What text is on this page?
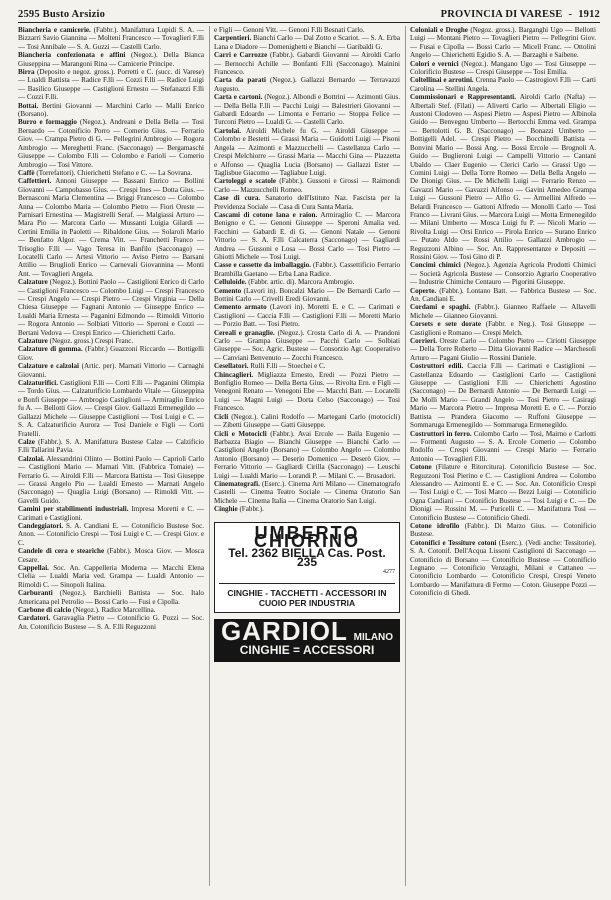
2595 Busto Arsizio	PROVINCIA DI VARESE - 1912
Biancheria e camicerie. (Fabbr.). Manifattura Lupidi S. A. — Bizzarri Savio Giannina — Molteni Francesco — Tovaglieri F.lli — Tosi Annibale — S. A. Guzzi — Castelli Carlo.
Biancheria confezionata e affini (Negoz.). Della Bianca Giuseppina — Marangoni Rina — Camicerie Principe.
Birra (Deposito e negoz. gross.). Porretti e C. (succ. di Varese) — Lualdi Battista — Radice F.lli — Cozzi F.lli — Radice Luigi — Basilico Giuseppe — Castiglioni Ernesto — Stefanazzi F.lli — Cozzi F.lli.
Bottai. Bertini Giovanni — Marchini Carlo — Malli Enrico (Borsano).
Burro e formaggio (Negoz.). Andreani e Della Bella — Tosi Bernardo — Cotonificio Porro — Comerio Gius. — Ferrario Giov. — Crampa Pietro di G. — Pellegrini Ambrogio — Rogora Ambrogio — Mereghetti Franc. (Sacconago) — Bergamaschi Giuseppe — Colombo F.lli — Colombo e Farioli — Comerio Ambrogio — Tosi Vittore.
Caffè (Torrefattori). Chierichetti Stefano e C. — La Sovrana.
Caffettieri. Annoni Giuseppe — Bassani Enrico — Bollini Giovanni — Campobasso Gius. — Crespi Ines — Dotta Gius. — Bernasconi Maria Clementina — Briggi Francesco — Colombo Anna — Colombo Maria — Colombo Pietro — Fiori Oreste — Parnisari Ernestina — Magistrelli Seraf. — Malgiassi Arturo — Mara Pio — Marcora Carlo — Mussanti Luigia Gilardi — Certini Emilia in Paoletti — Ribaldone Gius. — Solaroli Mario — Benfatto Algor. — Crema Vitt. — Franchetti Franco — Trisoglio F.lli — Vago Teresa in Banfilo (Sacconago) — Locatelli Carlo — Artesi Vittorio — Aviso Pietro — Barsani Attilio — Bruglioli Enrico — Carnevali Giovannina — Monti Ant. — Tovaglieri Angela.
Calzature (Negoz.). Bottini Paolo — Castiglioni Enrico di Carlo — Castiglioni Francesco — Colombo Luigi — Crespi Francesco — Crespi Angelo — Crespi Pietro — Crespi Virginia — Della Chiesa Giuseppe — Fagnani Antonio — Giuseppe Enrico — Lualdi Maria Ernesta — Paganini Edmondo — Rimoldi Vittorio — Rogora Antonio — Solbiati Vittorio — Speroni e Cozzi — Bertani Vedova — Crespi Enrico — Chierichetti Carlo.
Calzature (Negoz. gross.) Crespi Franc.
Calzature di gomma. (Fabbr.) Guazzoni Riccardo — Bottigelli Giov.
Calzature e calzolai (Artic. per). Marnati Vittorio — Carnaghi Giovanni.
Calzaturifici. Castiglioni F.lli — Corti F.lli — Paganini Olimpia — Tordo Gius. — Calzaturificio Lombardo Vitale — Giuseppina e Bonfi Giuseppe — Ambrogio Castiglioni — Armiraglio Enrico fu A. — Bellotti Giov. — Crespi Giov. Gallazzi Ermenegildo — Gallazzi Michele — Giuseppe Castiglioni — Tosi Luigi e C. — S. A. Calzaturificio Aurora — Tosi Daniele e Figli — Corti Fratelli.
Calze (Fabbr.). S. A. Manifattura Bustese Calze — Calzificio F.lli Tallarini Pavia.
Calzolai. Alessandrini Olinto — Bottini Paolo — Caprioli Carlo — Castiglioni Mario — Marnati Vitt. (Fabbrica Tomaie) — Ferrario G. — Airoldi F.lli — Marcora Battista — Tosi Giuseppe — Grassi Angelo Pio — Lualdi Ernesto — Marnati Angelo (Sacconago) — Quaglia Luigi (Borsano) — Rimoldi Vitt. — Gavelli Guido.
Camini per stabilimenti industriali. Impresa Moretti e C. — Carimati e Castiglioni.
Candeggiatori. S. A. Candiani E. — Cotonificio Bustese Soc. Anon. — Cotonificio Crespi — Tosi Luigi e C. — Crespi Giov. e C.
Candele di cera e steariche (Fabbr.). Mosca Giov. — Mosca Cesare.
Cappellai. Soc. An. Cappelleria Moderna — Macchi Elena Clelia — Lualdi Maria ved. Grampa — Lualdi Antonio — Rimoldi C. — Sinopoli Italina.
Carburanti (Negoz.). Barchielli Battista — Soc. Italo Americana pel Petrolio — Bossi Carlo — Fusi e Cipolla.
Carbone di calcio (Negoz.). Radice Marcellina.
Cardatori. Garavaglia Pietro — Cotonificio G. Pozzi — Soc. An. Cotonificio Bustese — S. A. F.lli Reguzzoni
e Figli — Genoni Vitt. — Genoni F.lli Besnati Carlo.
Carpentieri. Bianchi Carlo — Dal Zotto e Scariot. — S. A. Erba Lana e Diadore — Domenighetti e Bianchi — Garibaldi G.
Carri e Carrozze (Fabbr.). Gabardi Giovanni — Airoldi Carlo — Bernocchi Achille — Bonfanti F.lli (Sacconago). Mainini Francesco.
Carta da parati (Negoz.). Gallazzi Bernardo — Terravazzi Augusto.
Carta e cartoni. (Negoz.). Albondi e Bottrini — Azimonti Gius. — Della Bella F.lli — Pacchi Luigi — Balestrieri Giovanni — Gabardi Edoardo — Limonta e Ferrario — Stoppa Felice — Turconi Pietro — Lualdi G. — Castelli Carlo.
Cartolai. Airoldi Michele fu G. — Airoldi Giuseppe — Colombo e Bestetti — Grassi Maria — Guidotti Luigi — Pisoni Angela — Azimonti e Mazzucchelli — Castellanza Carlo — Crespi Melchiorre — Grassi Maria — Macchi Gina — Plazzetta e Alfonso — Quaglia Lucia (Borsano) — Gallazzi Ester — Taglisbue Giacomo — Tagliabue Luigi.
Cartoleggi e scatole (Fabbr.). Gussoni e Grossi — Raimondi Carlo — Mazzucchelli Romeo.
Case di cura. Sanatorio dell'Istituto Naz. Fascista per la Previdenza Sociale — Casa di Cura Santa Maria.
Cascami di cotone lana e raion. Armiraglio C. — Marcora Benigno e C. — Genoni Giuseppe — Speroni Amalia ved. Facchini — Gabardi E. di G. — Genoni Natale — Genoni Vittorio — S. A. F.lli Calcaterra (Sacconago) — Gagliardi Andrea — Gussoni e Losa — Bossi Carlo — Tosi Pietro — Ghiotti Michele — Tosi Luigi.
Casse e cassette da imballaggio. (Fabbr.). Cassettificio Ferrario Brambilla Gaetano — Erba Lana Radice.
Celluloide. (Fabbr. artic. di). Marcora Ambrogio.
Cemento (Lavori in). Boncalzi Mario — De Bernardi Carlo — Bottini Carlo — Crivelli Eredi Giovanni.
Cemento armato (Lavori in). Moretti E. e C. — Carimati e Castiglioni — Caccia F.lli — Castiglioni F.lli — Moretti Mario — Porzio Batt. — Tosi Pietro.
Cereali e granaglie. (Negoz.). Crosta Carlo di A. — Prandoni Carlo — Grampa Giuseppe — Pacchi Carlo — Solbiati Giuseppe — Soc. Agric. Bustese — Consorzio Agr. Cooperativo — Canviani Benvenuto — Zocchi Francesco.
Cesellatori. Rulli F.lli — Stoechei e C.
Chincaglieri. Migliazza Ernesto, Eredi — Pozzi Pietro — Bonfiglio Romeo — Della Berta Gius. — Rivolta Ern. e Figli — Venegoni Renato — Venegoni Ebe — Macchi Batt. — Locatelli Luigi — Magni Luigi — Dorta Celso (Sacconago) — Tosi Francesco.
Cicli (Negoz.). Calini Rodolfo — Martegani Carlo (motocicli) — Zibetti Giuseppe — Gatti Giuseppe.
Cicli e Motocicli (Fabbr.). Avai Ercole — Baila Eugenio — Barbazza Biagio — Bianchi Giuseppe — Bianchi Carlo — Castiglioni Angelo (Borsano) — Colombo Angelo — Colombo Antonio (Borsano) — Deserio Domenico — Deserò Giov. — Ferrario Vittorio — Gagliardi Cirilla (Sacconago) — Leuschi Luigi — Lualdi Mario — Lorandi P. — Milani C. — Brusadori.
Cinematografi. (Eserc.). Cinema Arti Milano — Cinematografo Castelli — Cinema Teatro Sociale — Cinema Oratorio San Michele — Cinema Italia — Cinema Oratorio San Luigi.
Cinghie (Fabbr.).
UMBERTO CHIORINO
Tel. 2362 BIELLA Cas. Post. 235
4277
CINGHIE - TACCHETTI - ACCESSORI IN CUOIO PER INDUSTRIA
GARDIOL MILANO
CINGHIE = ACCESSORI
Coloniali e Droghe (Negoz. gross.). Barganghi Ugo — Bellotti Luigi — Montani Pietro — Tovaglieri Pietro — Pellegrini Giov. — Fusai e Cipolla — Bossi Carlo — Micell Franc. — Ottolini Angelo — Chierichetti Egidio S. A. — Barzaghi e Saibene.
Colori e vernici (Negoz.). Mangano Ugo — Tosi Giuseppe — Colorificio Bustese — Crespi Giuseppe — Tosi Emilia.
Coltellinai e arrotini. Crenna Paolo — Castrogiovi F.lli — Carti Carolina — Stellini Angela.
Commissionari e Rappresentanti. Airoldi Carlo (Nafta) — Albertali Stef. (Filati) — Aliverti Carlo — Albertali Eligio — Austoni Clodoveo — Aspesi Pietro — Aspesi Pietro — Albinola Guido — Benvegnu Umberto — Bertocchi Emma ved. Grampa — Bertolotti G. B. (Sacconago) — Bonazzi Umberto — Bottigelli Adel. — Crespi Pietro — Bocchinelli Battista — Bonvini Mario — Bossi Ang. — Bossi Ercole — Brognoli A. Guido — Buglieroni Luigi — Campelli Vittorio — Cantani Ubaldo — Claer Eugenio — Clerici Carlo — Grassi Ugo — Comini Luigi — Della Torre Romeo — Della Bella Angelo — De Dionigi Gius. — De Michelli Luigi — Ferrario Renzo — Gavazzi Mario — Gavazzi Alfonso — Gavini Amedeo Grampa Luigi — Gussoni Pietro — Alfio G. — Armellini Alfredo — Belardi Francesco — Gattoni Alfredo — Monolli Carlo — Tosi Franco — Livrani Gius. — Marcora Luigi — Motta Ermenegildo — Milani Umberto — Mosca Luigi fu P. — Nicoli Mario — Rivolta Luigi — Orsi Enrico — Pirola Enrico — Surano Enrico — Putato Aldo — Rossi Attilio — Gallazzi Ambrogio — Reguzzoni Albino — Soc. An. Rappresentanze e Depositi — Rossini Giov. — Tosi Gino di P.
Concimi chimici (Negoz.). Agenzia Agricola Prodotti Chimici — Società Agricola Bustese — Consorzio Agrario Cooperativo — Industrie Chimiche Centauro — Pigorini Giuseppe.
Coperte. (Fabbr.). Lontano Batt. — Fabbrica Bustese — Soc. An. Candiani E.
Cordami e spaghi. (Fabbr.). Gianneo Raffaele — Allavelli Michele — Gianneo Giovanni.
Corsets e sete dorate (Fabbr. e Neg.). Tosi Giuseppe — Castiglioni e Romano — Crespi Melch.
Corrieri. Oreste Carlo — Colombo Pietro — Ciriotti Giuseppe — Della Torre Roberto — Ditta Giovanni Radice — Marchesoli Arturo — Pagani Giulio — Rossini Daniele.
Costruttori edili. Caccia F.lli — Carimati e Castiglioni — Castellanza Edoardo — Castiglioni Carlo — Castiglioni Giuseppe — Castiglioni F.lli — Chierichetti Agostino (Sacconago) — De Bernardi Antonio — De Bernardi Luigi — De Molli Mario — Grandi Angelo — Tosi Pietro — Casiragi Mario — Marcora Pietro — Impresa Moretti E. e C. — Porzio Battista — Prandera Giacomo — Ruffoni Giuseppe — Sommaruga Ermenegildo — Sommaruga Ermenegildo.
Costruttori in ferro. Colombo Carlo — Tosi, Mairno e Carlotti — Formenti Augusto — S. A. Ercole Comerio — Colombo Rodolfo — Crespi Giovanni — Crespi Mario — Ferrario Antonio — Tovaglieri F.lli.
Cotone (Filature e Ritorcitura). Cotonificio Bustese — Soc. Reguzzoni Tosi Pierino e C. — Castiglioni Andrea — Colombo Alessandro — Azimonti E. e C. — Soc. An. Cotonificio Crespi — Tosi Luigi e C. — Tosi Marco — Bezzi Luigi — Cotonificio Ogna Candiani — Cotonificio Bustese — Tosi Luigi e C. — De Dionigi — Rossini M. — Puricelli C. — Manifattura Tosi — Cotonificio Bustese — Cotonificio Ghedi.
Cotone idrofilo (Fabbr.). Di Marzo Gius. — Cotonificio Bustese.
Cotonifici e Tessiture cotoni (Eserc.). (Vedi anche: Tessitorie). S. A. Cotonif. Dell'Acqua Lissoni Castiglioni di Sacconago — Cotonificio di Borsano — Cotonificio Bustese — Cotonificio Legnano — Cotonificio Venzaghi, Milani e Cattaneo — Cotonificio Lombardo — Cotonificio Crespi, Crespi Veneto Lombardo — Manifattura di Fermo — Coton. Giuseppe Pozzi — Cotonificio di Ghedi.
